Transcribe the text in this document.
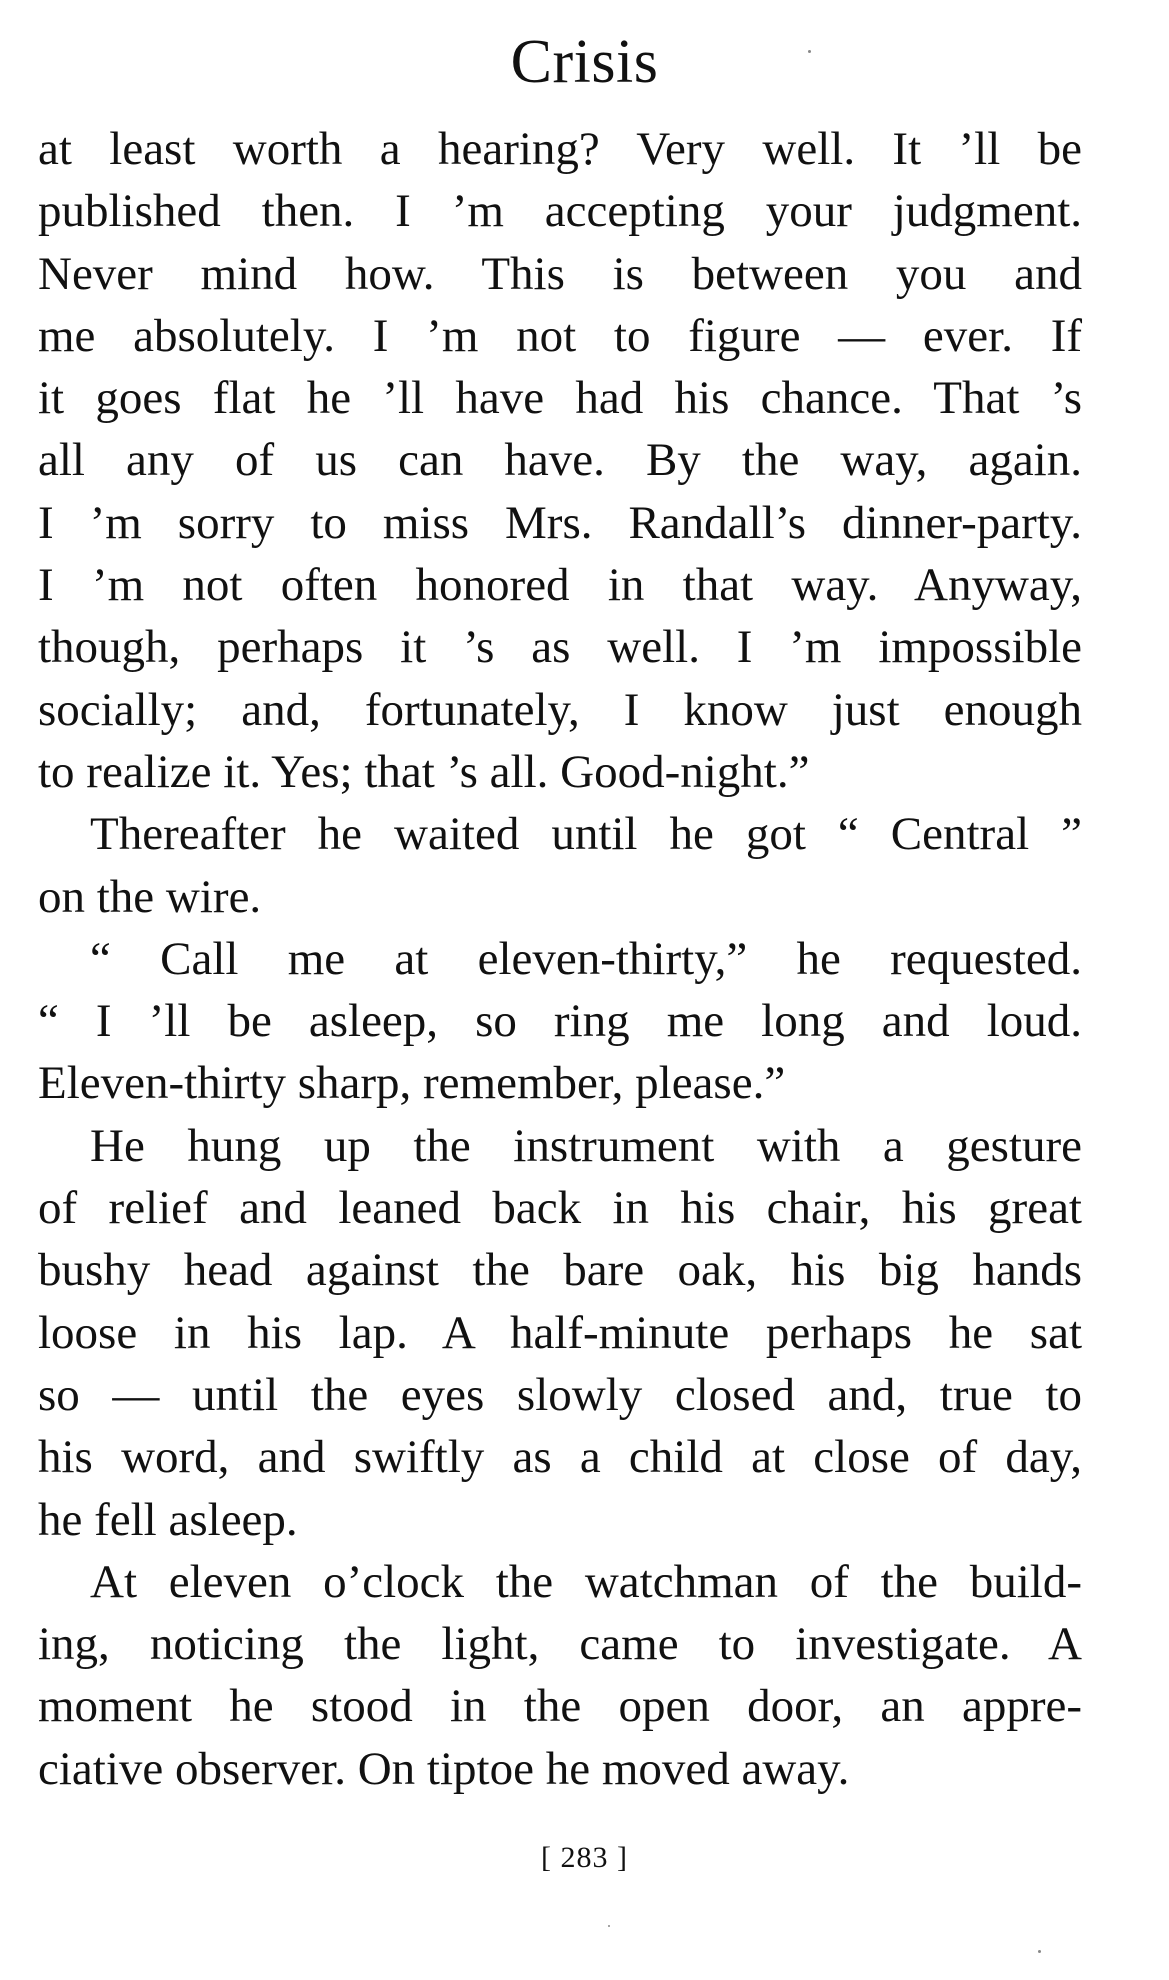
Crisis
at least worth a hearing? Very well. It ’ll be
published then. I ’m accepting your judgment.
Never mind how. This is between you and
me absolutely. I ’m not to figure — ever. If
it goes flat he ’ll have had his chance. That ’s
all any of us can have. By the way, again.
I ’m sorry to miss Mrs. Randall’s dinner-party.
I ’m not often honored in that way. Anyway,
though, perhaps it ’s as well. I ’m impossible
socially; and, fortunately, I know just enough
to realize it. Yes; that ’s all. Good-night.”
Thereafter he waited until he got “ Central ”
on the wire.
“ Call me at eleven-thirty,” he requested.
“ I ’ll be asleep, so ring me long and loud.
Eleven-thirty sharp, remember, please.”
He hung up the instrument with a gesture
of relief and leaned back in his chair, his great
bushy head against the bare oak, his big hands
loose in his lap. A half-minute perhaps he sat
so — until the eyes slowly closed and, true to
his word, and swiftly as a child at close of day,
he fell asleep.
At eleven o’clock the watchman of the build-
ing, noticing the light, came to investigate. A
moment he stood in the open door, an appre-
ciative observer. On tiptoe he moved away.
[ 283 ]
